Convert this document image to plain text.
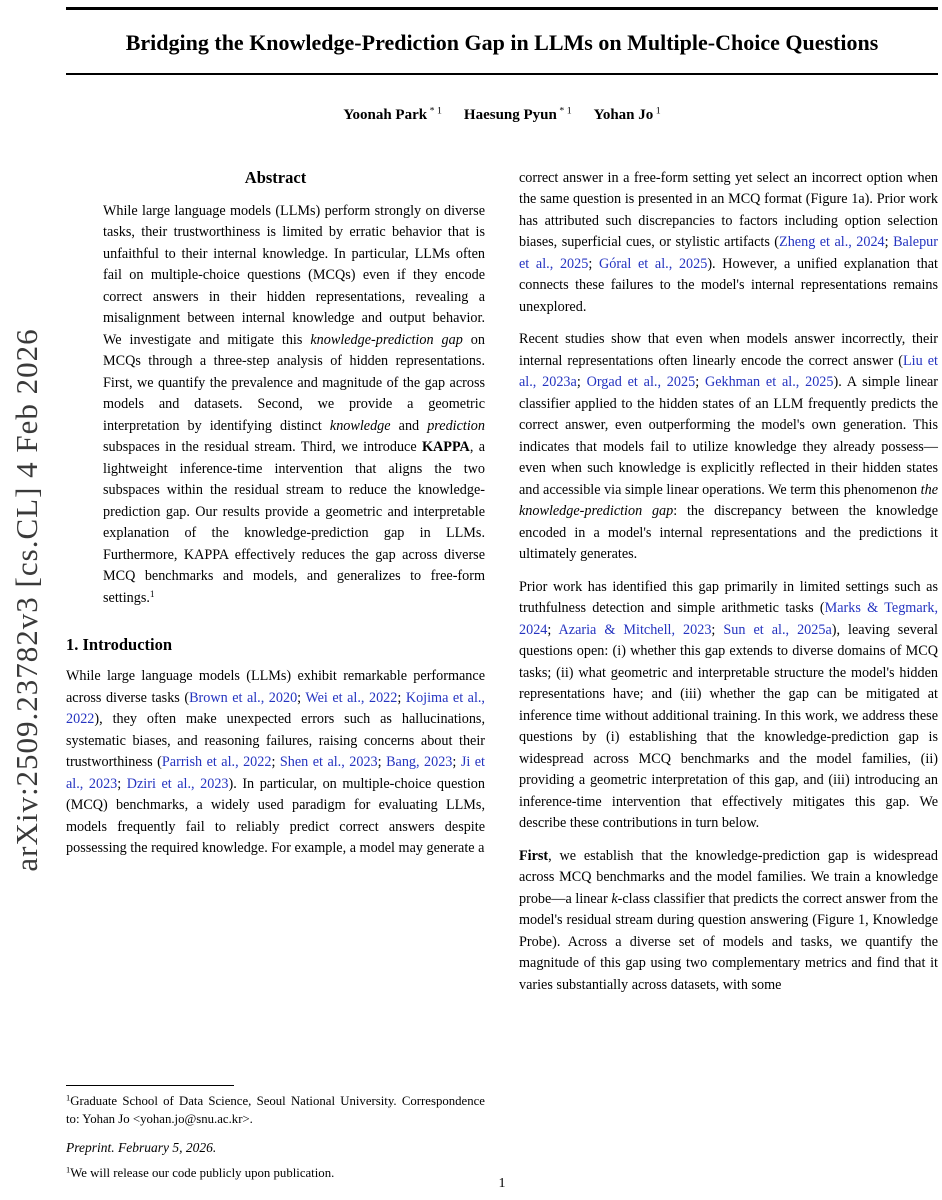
arXiv:2509.23782v3 [cs.CL] 4 Feb 2026
Bridging the Knowledge-Prediction Gap in LLMs on Multiple-Choice Questions
Yoonah Park $^{* 1}$ Haesung Pyun $^{* 1}$ Yohan Jo $^1$
Abstract
While large language models (LLMs) perform strongly on diverse tasks, their trustworthiness is limited by erratic behavior that is unfaithful to their internal knowledge. In particular, LLMs often fail on multiple-choice questions (MCQs) even if they encode correct answers in their hidden representations, revealing a misalignment between internal knowledge and output behavior. We investigate and mitigate this knowledge-prediction gap on MCQs through a three-step analysis of hidden representations. First, we quantify the prevalence and magnitude of the gap across models and datasets. Second, we provide a geometric interpretation by identifying distinct knowledge and prediction subspaces in the residual stream. Third, we introduce KAPPA, a lightweight inference-time intervention that aligns the two subspaces within the residual stream to reduce the knowledge-prediction gap. Our results provide a geometric and interpretable explanation of the knowledge-prediction gap in LLMs. Furthermore, KAPPA effectively reduces the gap across diverse MCQ benchmarks and models, and generalizes to free-form settings.$^1$
1. Introduction
While large language models (LLMs) exhibit remarkable performance across diverse tasks (Brown et al., 2020; Wei et al., 2022; Kojima et al., 2022), they often make unexpected errors such as hallucinations, systematic biases, and reasoning failures, raising concerns about their trustworthiness (Parrish et al., 2022; Shen et al., 2023; Bang, 2023; Ji et al., 2023; Dziri et al., 2023). In particular, on multiple-choice question (MCQ) benchmarks, a widely used paradigm for evaluating LLMs, models frequently fail to reliably predict correct answers despite possessing the required knowledge. For example, a model may generate a
correct answer in a free-form setting yet select an incorrect option when the same question is presented in an MCQ format (Figure 1a). Prior work has attributed such discrepancies to factors including option selection biases, superficial cues, or stylistic artifacts (Zheng et al., 2024; Balepur et al., 2025; Góral et al., 2025). However, a unified explanation that connects these failures to the model's internal representations remains unexplored.
Recent studies show that even when models answer incorrectly, their internal representations often linearly encode the correct answer (Liu et al., 2023a; Orgad et al., 2025; Gekhman et al., 2025). A simple linear classifier applied to the hidden states of an LLM frequently predicts the correct answer, even outperforming the model's own generation. This indicates that models fail to utilize knowledge they already possess—even when such knowledge is explicitly reflected in their hidden states and accessible via simple linear operations. We term this phenomenon the knowledge-prediction gap: the discrepancy between the knowledge encoded in a model's internal representations and the predictions it ultimately generates.
Prior work has identified this gap primarily in limited settings such as truthfulness detection and simple arithmetic tasks (Marks & Tegmark, 2024; Azaria & Mitchell, 2023; Sun et al., 2025a), leaving several questions open: (i) whether this gap extends to diverse domains of MCQ tasks; (ii) what geometric and interpretable structure the model's hidden representations have; and (iii) whether the gap can be mitigated at inference time without additional training. In this work, we address these questions by (i) establishing that the knowledge-prediction gap is widespread across MCQ benchmarks and the model families, (ii) providing a geometric interpretation of this gap, and (iii) introducing an inference-time intervention that effectively mitigates this gap. We describe these contributions in turn below.
First, we establish that the knowledge-prediction gap is widespread across MCQ benchmarks and the model families. We train a knowledge probe—a linear k-class classifier that predicts the correct answer from the model's residual stream during question answering (Figure 1, Knowledge Probe). Across a diverse set of models and tasks, we quantify the magnitude of this gap using two complementary metrics and find that it varies substantially across datasets, with some
$^1$Graduate School of Data Science, Seoul National University. Correspondence to: Yohan Jo <yohan.jo@snu.ac.kr>.
Preprint. February 5, 2026.
$^1$We will release our code publicly upon publication.
1
